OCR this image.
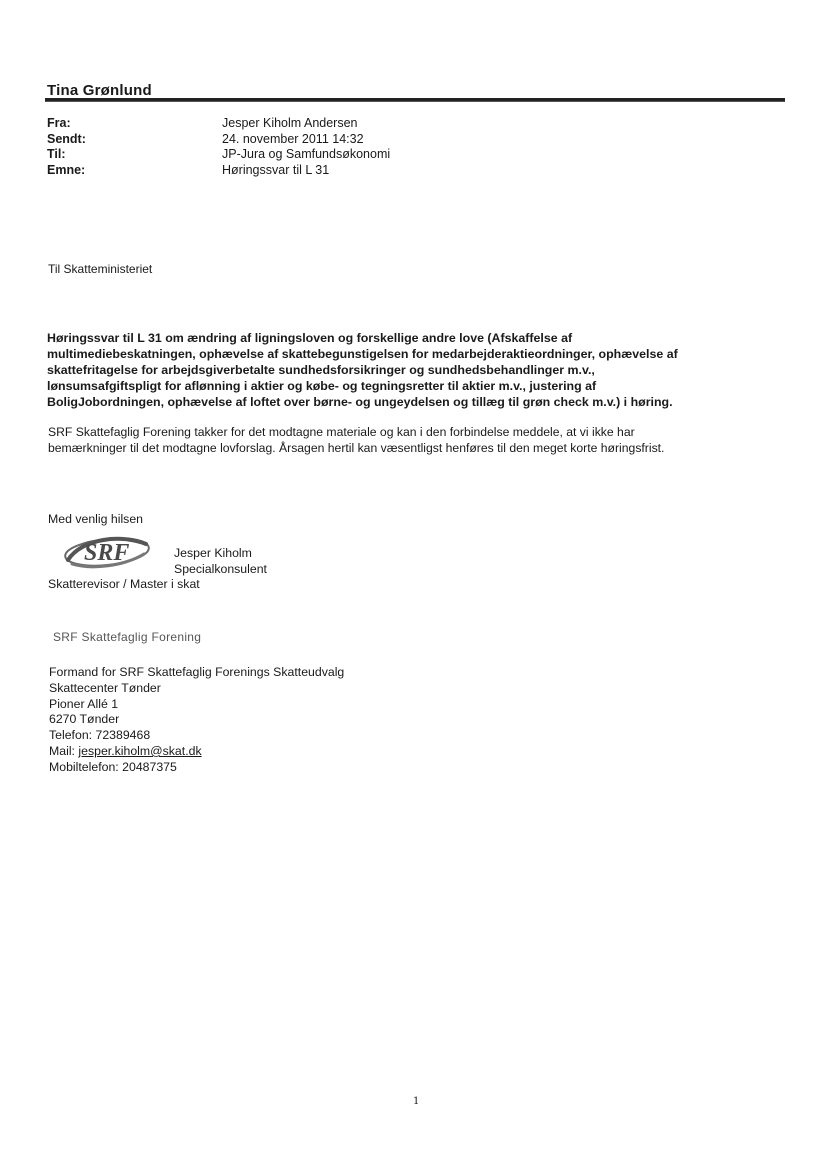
Tina Grønlund
Fra:	Jesper Kiholm Andersen
Sendt:	24. november 2011 14:32
Til:	JP-Jura og Samfundsøkonomi
Emne:	Høringssvar til L 31
Til Skatteministeriet
Høringssvar til L 31 om ændring af ligningsloven og forskellige andre love (Afskaffelse af
multimediebeskatningen, ophævelse af skattebegunstigelsen for medarbejderaktieordninger, ophævelse af
skattefritagelse for arbejdsgiverbetalte sundhedsforsikringer og sundhedsbehandlinger m.v.,
lønsumsafgiftspligt for aflønning i aktier og købe- og tegningsretter til aktier m.v., justering af
BoligJobordningen, ophævelse af loftet over børne- og ungeydelsen og tillæg til grøn check m.v.) i høring.
SRF Skattefaglig Forening takker for det modtagne materiale og kan i den forbindelse meddele, at vi ikke har
bemærkninger til det modtagne lovforslag. Årsagen hertil kan væsentligst henføres til den meget korte høringsfrist.
Med venlig hilsen
SRF	Jesper Kiholm
Specialkonsulent
Skatterevisor / Master i skat
SRF Skattefaglig Forening
Formand for SRF Skattefaglig Forenings Skatteudvalg
Skattecenter Tønder
Pioner Allé 1
6270 Tønder
Telefon: 72389468
Mail: jesper.kiholm@skat.dk
Mobiltelefon: 20487375
1
